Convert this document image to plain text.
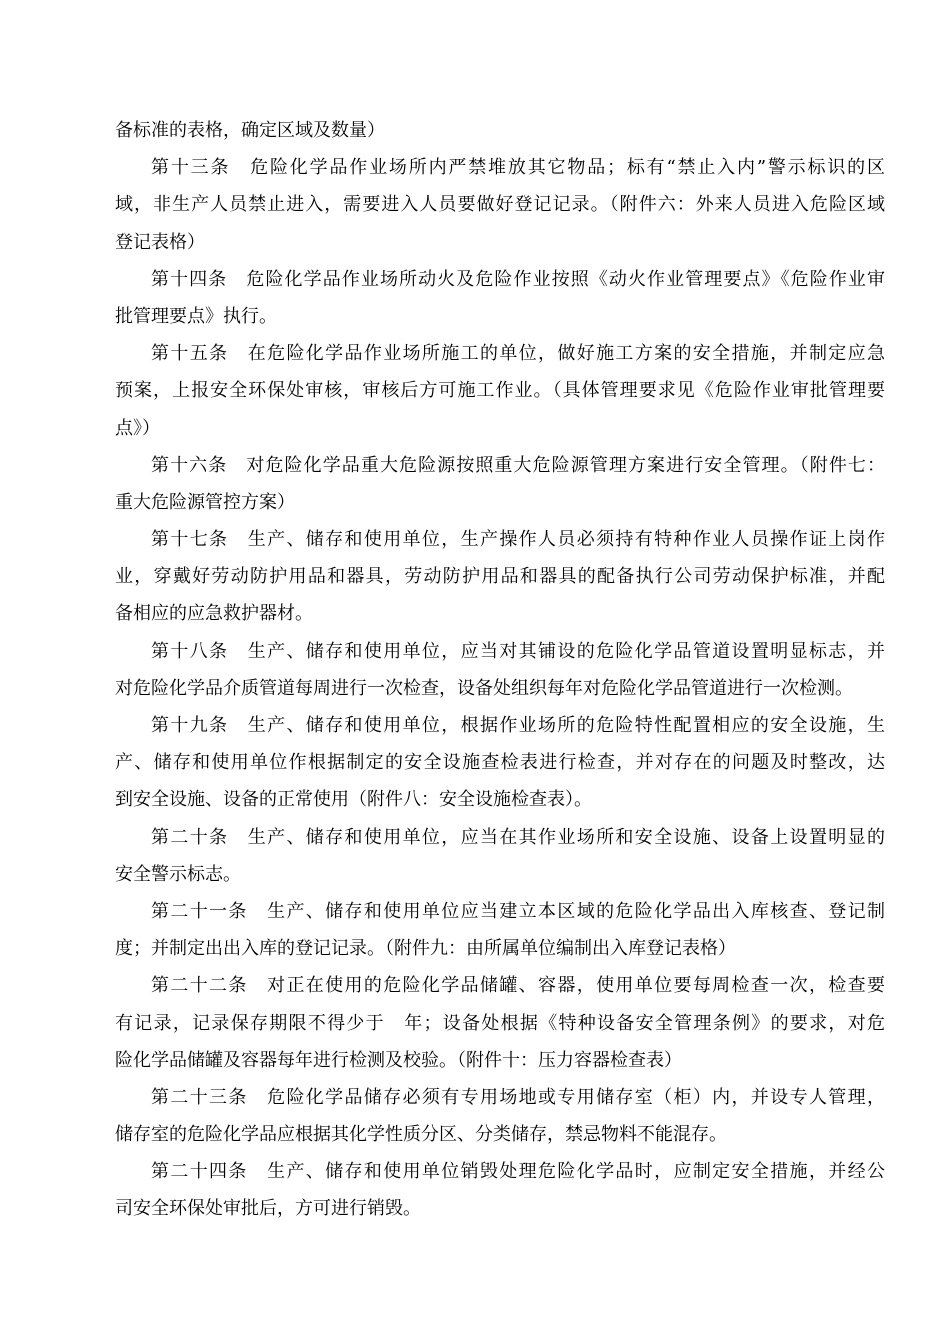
备标准的表格，确定区域及数量）
第十三条　危险化学品作业场所内严禁堆放其它物品；标有“禁止入内”警示标识的区
域，非生产人员禁止进入，需要进入人员要做好登记记录。（附件六：外来人员进入危险区域
登记表格）
第十四条　危险化学品作业场所动火及危险作业按照《动火作业管理要点》《危险作业审
批管理要点》执行。
第十五条　在危险化学品作业场所施工的单位，做好施工方案的安全措施，并制定应急
预案，上报安全环保处审核，审核后方可施工作业。（具体管理要求见《危险作业审批管理要
点》）
第十六条　对危险化学品重大危险源按照重大危险源管理方案进行安全管理。（附件七：
重大危险源管控方案）
第十七条　生产、储存和使用单位，生产操作人员必须持有特种作业人员操作证上岗作
业，穿戴好劳动防护用品和器具，劳动防护用品和器具的配备执行公司劳动保护标准，并配
备相应的应急救护器材。
第十八条　生产、储存和使用单位，应当对其铺设的危险化学品管道设置明显标志，并
对危险化学品介质管道每周进行一次检查，设备处组织每年对危险化学品管道进行一次检测。
第十九条　生产、储存和使用单位，根据作业场所的危险特性配置相应的安全设施，生
产、储存和使用单位作根据制定的安全设施查检表进行检查，并对存在的问题及时整改，达
到安全设施、设备的正常使用（附件八：安全设施检查表）。
第二十条　生产、储存和使用单位，应当在其作业场所和安全设施、设备上设置明显的
安全警示标志。
第二十一条　生产、储存和使用单位应当建立本区域的危险化学品出入库核查、登记制
度；并制定出出入库的登记记录。（附件九：由所属单位编制出入库登记表格）
第二十二条　对正在使用的危险化学品储罐、容器，使用单位要每周检查一次，检查要
有记录，记录保存期限不得少于　年；设备处根据《特种设备安全管理条例》的要求，对危
险化学品储罐及容器每年进行检测及校验。（附件十：压力容器检查表）
第二十三条　危险化学品储存必须有专用场地或专用储存室（柜）内，并设专人管理，
储存室的危险化学品应根据其化学性质分区、分类储存，禁忌物料不能混存。
第二十四条　生产、储存和使用单位销毁处理危险化学品时，应制定安全措施，并经公
司安全环保处审批后，方可进行销毁。
